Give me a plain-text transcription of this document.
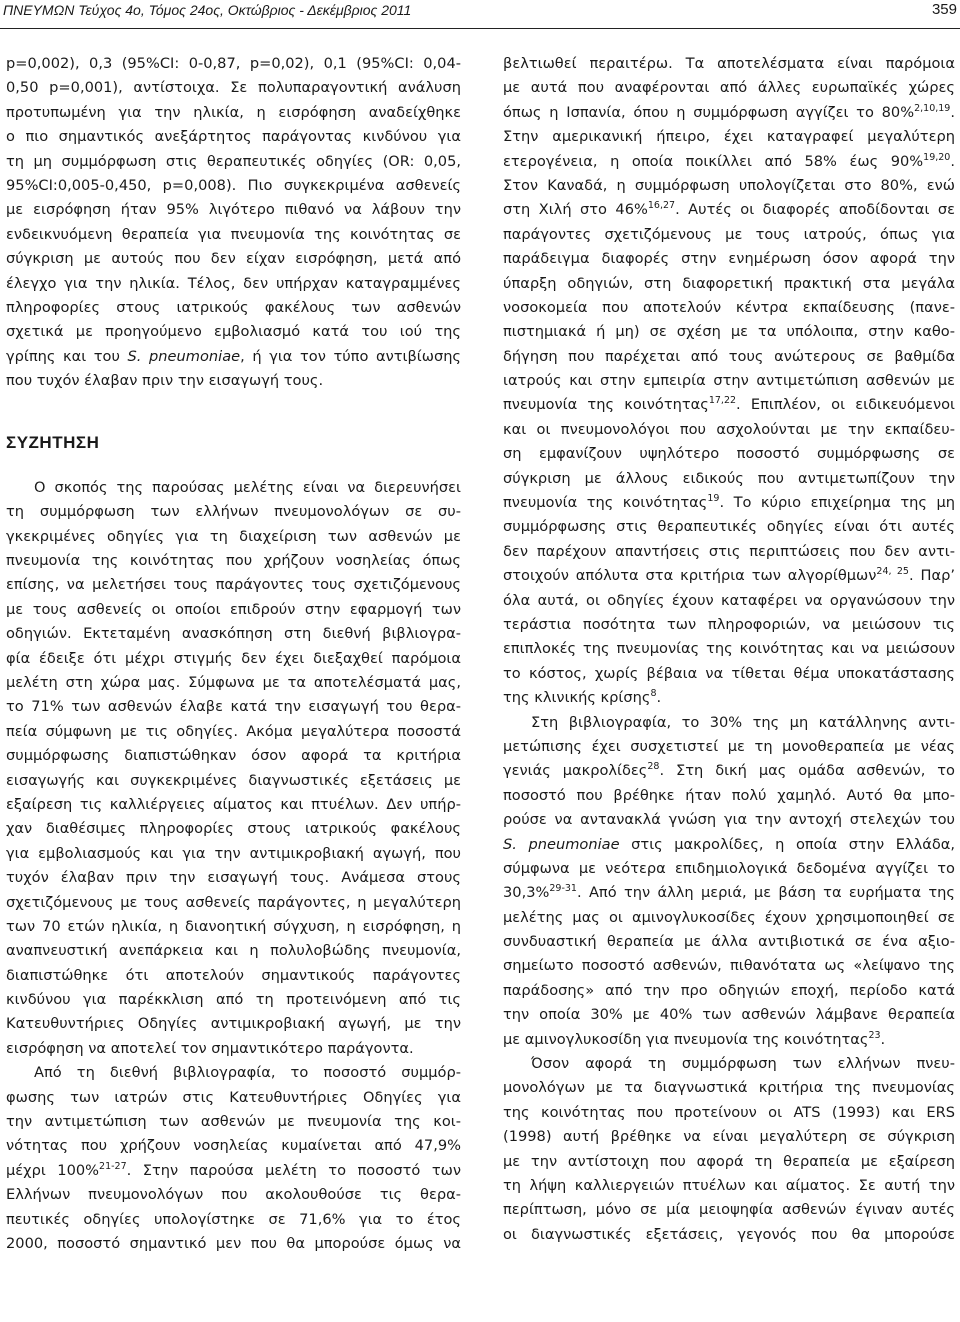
ΠΝΕΥΜΩΝ Τεύχος 4ο, Τόμος 24ος, Οκτώβριος - Δεκέμβριος 2011	359
p=0,002), 0,3 (95%CI: 0-0,87, p=0,02), 0,1 (95%CI: 0,04-
0,50 p=0,001), αντίστοιχα. Σε πολυπαραγοντική ανάλυση
προτυπωμένη για την ηλικία, η εισρόφηση αναδείχθηκε
ο πιο σημαντικός ανεξάρτητος παράγοντας κινδύνου για
τη μη συμμόρφωση στις θεραπευτικές οδηγίες (OR: 0,05,
95%CI:0,005-0,450, p=0,008). Πιο συγκεκριμένα ασθενείς
με εισρόφηση ήταν 95% λιγότερο πιθανό να λάβουν την
ενδεικνυόμενη θεραπεία για πνευμονία της κοινότητας σε
σύγκριση με αυτούς που δεν είχαν εισρόφηση, μετά από
έλεγχο για την ηλικία. Τέλος, δεν υπήρχαν καταγραμμένες
πληροφορίες στους ιατρικούς φακέλους των ασθενών
σχετικά με προηγούμενο εμβολιασμό κατά του ιού της
γρίπης και του S. pneumoniae, ή για τον τύπο αντιβίωσης
που τυχόν έλαβαν πριν την εισαγωγή τους.
ΣΥΖΗΤΗΣΗ
Ο σκοπός της παρούσας μελέτης είναι να διερευνήσει
τη συμμόρφωση των ελλήνων πνευμονολόγων σε συ-
γκεκριμένες οδηγίες για τη διαχείριση των ασθενών με
πνευμονία της κοινότητας που χρήζουν νοσηλείας όπως
επίσης, να μελετήσει τους παράγοντες τους σχετιζόμενους
με τους ασθενείς οι οποίοι επιδρούν στην εφαρμογή των
οδηγιών. Εκτεταμένη ανασκόπηση στη διεθνή βιβλιογρα-
φία έδειξε ότι μέχρι στιγμής δεν έχει διεξαχθεί παρόμοια
μελέτη στη χώρα μας. Σύμφωνα με τα αποτελέσματά μας,
το 71% των ασθενών έλαβε κατά την εισαγωγή του θερα-
πεία σύμφωνη με τις οδηγίες. Ακόμα μεγαλύτερα ποσοστά
συμμόρφωσης διαπιστώθηκαν όσον αφορά τα κριτήρια
εισαγωγής και συγκεκριμένες διαγνωστικές εξετάσεις με
εξαίρεση τις καλλιέργειες αίματος και πτυέλων. Δεν υπήρ-
χαν διαθέσιμες πληροφορίες στους ιατρικούς φακέλους
για εμβολιασμούς και για την αντιμικροβιακή αγωγή, που
τυχόν έλαβαν πριν την εισαγωγή τους. Ανάμεσα στους
σχετιζόμενους με τους ασθενείς παράγοντες, η μεγαλύτερη
των 70 ετών ηλικία, η διανοητική σύγχυση, η εισρόφηση, η
αναπνευστική ανεπάρκεια και η πολυλοβώδης πνευμονία,
διαπιστώθηκε ότι αποτελούν σημαντικούς παράγοντες
κινδύνου για παρέκκλιση από τη προτεινόμενη από τις
Κατευθυντήριες Οδηγίες αντιμικροβιακή αγωγή, με την
εισρόφηση να αποτελεί τον σημαντικότερο παράγοντα.
Από τη διεθνή βιβλιογραφία, το ποσοστό συμμόρ-
φωσης των ιατρών στις Κατευθυντήριες Οδηγίες για
την αντιμετώπιση των ασθενών με πνευμονία της κοι-
νότητας που χρήζουν νοσηλείας κυμαίνεται από 47,9%
μέχρι 100%$^{21-27}$. Στην παρούσα μελέτη το ποσοστό των
Ελλήνων πνευμονολόγων που ακολουθούσε τις θερα-
πευτικές οδηγίες υπολογίστηκε σε 71,6% για το έτος
2000, ποσοστό σημαντικό μεν που θα μπορούσε όμως να
βελτιωθεί περαιτέρω. Τα αποτελέσματα είναι παρόμοια
με αυτά που αναφέρονται από άλλες ευρωπαϊκές χώρες
όπως η Ισπανία, όπου η συμμόρφωση αγγίζει το 80%$^{2,10,19}$.
Στην αμερικανική ήπειρο, έχει καταγραφεί μεγαλύτερη
ετερογένεια, η οποία ποικίλλει από 58% έως 90%$^{19,20}$.
Στον Καναδά, η συμμόρφωση υπολογίζεται στο 80%, ενώ
στη Χιλή στο 46%$^{16,27}$. Αυτές οι διαφορές αποδίδονται σε
παράγοντες σχετιζόμενους με τους ιατρούς, όπως για
παράδειγμα διαφορές στην ενημέρωση όσον αφορά την
ύπαρξη οδηγιών, στη διαφορετική πρακτική στα μεγάλα
νοσοκομεία που αποτελούν κέντρα εκπαίδευσης (πανε-
πιστημιακά ή μη) σε σχέση με τα υπόλοιπα, στην καθο-
δήγηση που παρέχεται από τους ανώτερους σε βαθμίδα
ιατρούς και στην εμπειρία στην αντιμετώπιση ασθενών με
πνευμονία της κοινότητας$^{17,22}$. Επιπλέον, οι ειδικευόμενοι
και οι πνευμονολόγοι που ασχολούνται με την εκπαίδευ-
ση εμφανίζουν υψηλότερο ποσοστό συμμόρφωσης σε
σύγκριση με άλλους ειδικούς που αντιμετωπίζουν την
πνευμονία της κοινότητας$^{19}$. Το κύριο επιχείρημα της μη
συμμόρφωσης στις θεραπευτικές οδηγίες είναι ότι αυτές
δεν παρέχουν απαντήσεις στις περιπτώσεις που δεν αντι-
στοιχούν απόλυτα στα κριτήρια των αλγορίθμων$^{24, 25}$. Παρ’
όλα αυτά, οι οδηγίες έχουν καταφέρει να οργανώσουν την
τεράστια ποσότητα των πληροφοριών, να μειώσουν τις
επιπλοκές της πνευμονίας της κοινότητας και να μειώσουν
το κόστος, χωρίς βέβαια να τίθεται θέμα υποκατάστασης
της κλινικής κρίσης$^8$.
Στη βιβλιογραφία, το 30% της μη κατάλληνης αντι-
μετώπισης έχει συσχετιστεί με τη μονοθεραπεία με νέας
γενιάς μακρολίδες$^{28}$. Στη δική μας ομάδα ασθενών, το
ποσοστό που βρέθηκε ήταν πολύ χαμηλό. Αυτό θα μπο-
ρούσε να αντανακλά γνώση για την αντοχή στελεχών του
S. pneumoniae στις μακρολίδες, η οποία στην Ελλάδα,
σύμφωνα με νεότερα επιδημιολογικά δεδομένα αγγίζει το
30,3%$^{29-31}$. Από την άλλη μεριά, με βάση τα ευρήματα της
μελέτης μας οι αμινογλυκοσίδες έχουν χρησιμοποιηθεί σε
συνδυαστική θεραπεία με άλλα αντιβιοτικά σε ένα αξιο-
σημείωτο ποσοστό ασθενών, πιθανότατα ως «λείψανο της
παράδοσης» από την προ οδηγιών εποχή, περίοδο κατά
την οποία 30% με 40% των ασθενών λάμβανε θεραπεία
με αμινογλυκοσίδη για πνευμονία της κοινότητας$^{23}$.
Όσον αφορά τη συμμόρφωση των ελλήνων πνευ-
μονολόγων με τα διαγνωστικά κριτήρια της πνευμονίας
της κοινότητας που προτείνουν οι ATS (1993) και ERS
(1998) αυτή βρέθηκε να είναι μεγαλύτερη σε σύγκριση
με την αντίστοιχη που αφορά τη θεραπεία με εξαίρεση
τη λήψη καλλιεργειών πτυέλων και αίματος. Σε αυτή την
περίπτωση, μόνο σε μία μειοψηφία ασθενών έγιναν αυτές
οι διαγνωστικές εξετάσεις, γεγονός που θα μπορούσε
